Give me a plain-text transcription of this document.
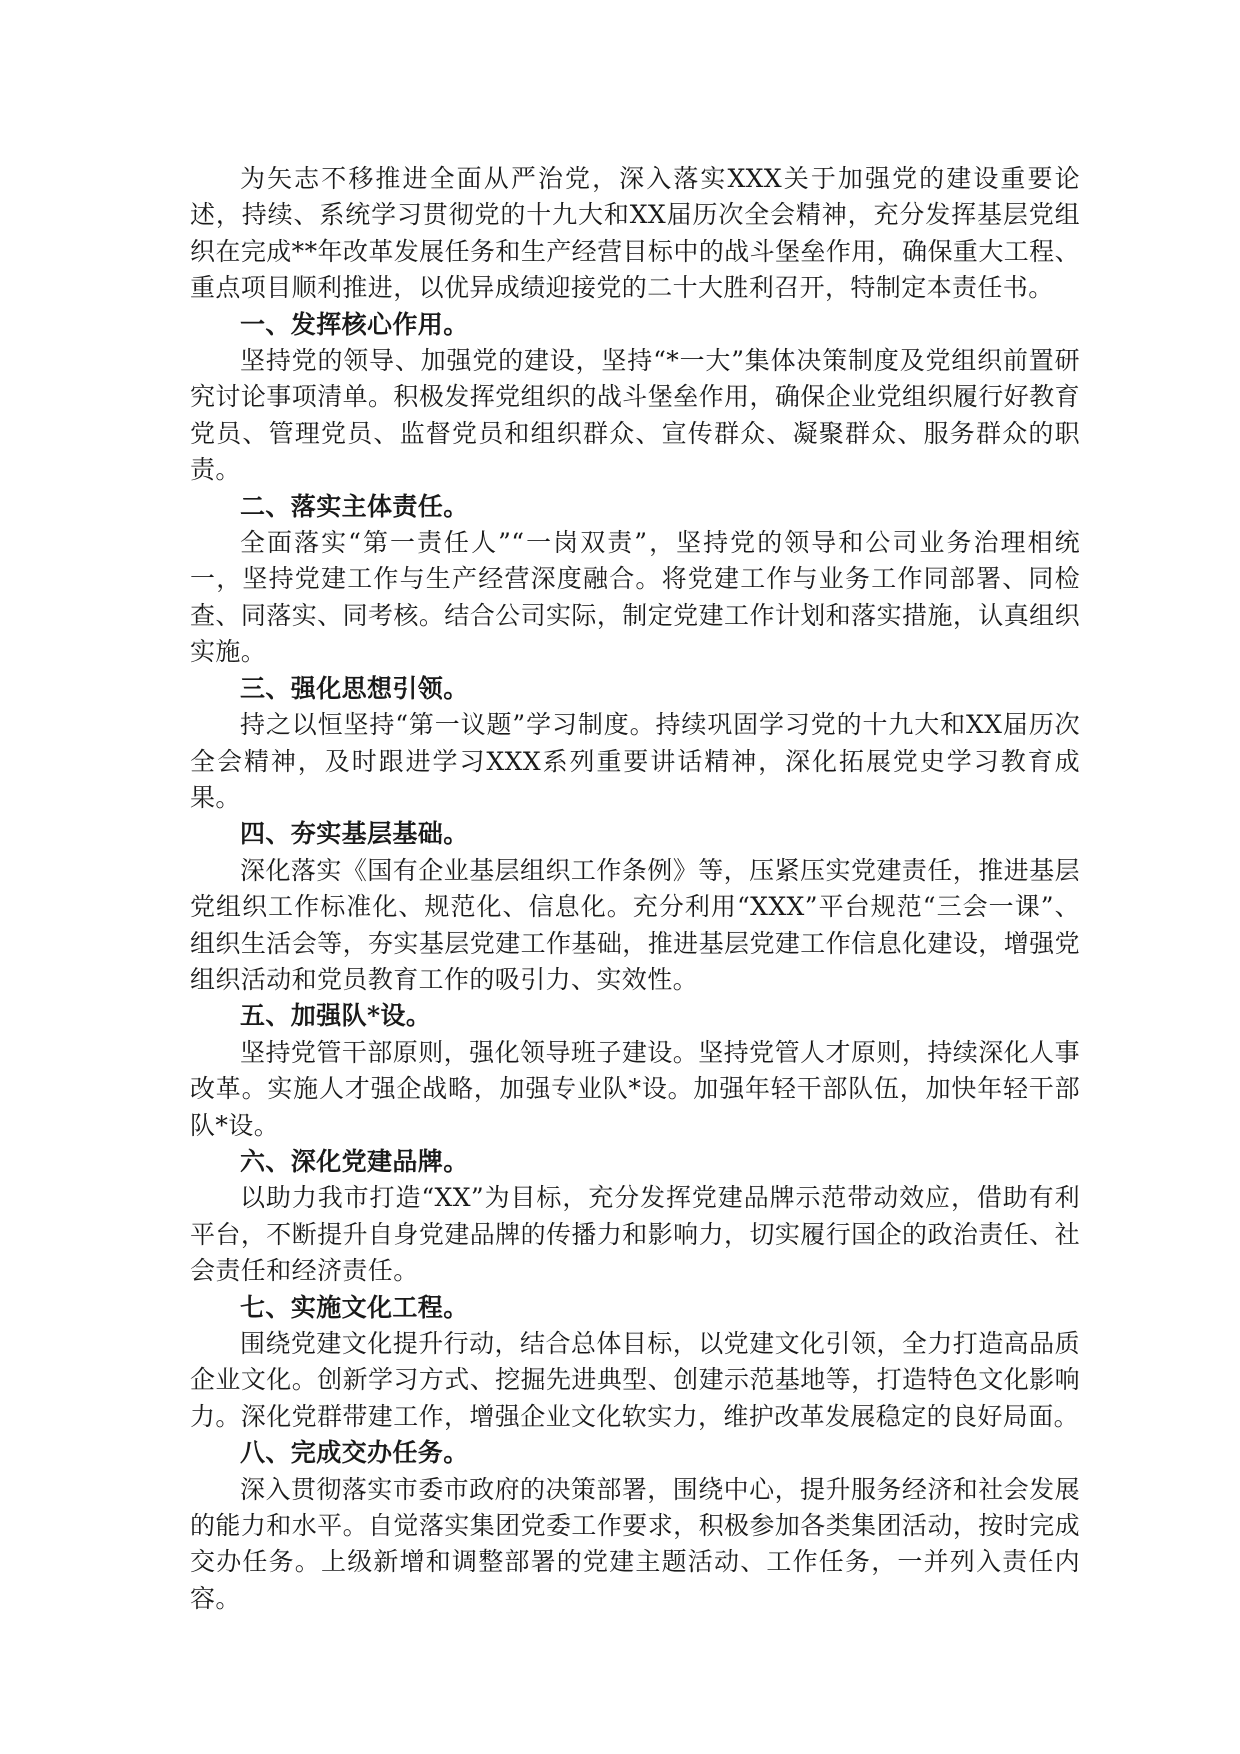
为矢志不移推进全面从严治党，深入落实XXX关于加强党的建设重要论述，持续、系统学习贯彻党的十九大和XX届历次全会精神，充分发挥基层党组织在完成**年改革发展任务和生产经营目标中的战斗堡垒作用，确保重大工程、重点项目顺利推进，以优异成绩迎接党的二十大胜利召开，特制定本责任书。

一、发挥核心作用。

坚持党的领导、加强党的建设，坚持“*一大”集体决策制度及党组织前置研究讨论事项清单。积极发挥党组织的战斗堡垒作用，确保企业党组织履行好教育党员、管理党员、监督党员和组织群众、宣传群众、凝聚群众、服务群众的职责。

二、落实主体责任。

全面落实“第一责任人”“一岗双责”，坚持党的领导和公司业务治理相统一，坚持党建工作与生产经营深度融合。将党建工作与业务工作同部署、同检查、同落实、同考核。结合公司实际，制定党建工作计划和落实措施，认真组织实施。

三、强化思想引领。

持之以恒坚持“第一议题”学习制度。持续巩固学习党的十九大和XX届历次全会精神，及时跟进学习XXX系列重要讲话精神，深化拓展党史学习教育成果。

四、夯实基层基础。

深化落实《国有企业基层组织工作条例》等，压紧压实党建责任，推进基层党组织工作标准化、规范化、信息化。充分利用“XXX”平台规范“三会一课”、组织生活会等，夯实基层党建工作基础，推进基层党建工作信息化建设，增强党组织活动和党员教育工作的吸引力、实效性。

五、加强队*设。

坚持党管干部原则，强化领导班子建设。坚持党管人才原则，持续深化人事改革。实施人才强企战略，加强专业队*设。加强年轻干部队伍，加快年轻干部队*设。

六、深化党建品牌。

以助力我市打造“XX”为目标，充分发挥党建品牌示范带动效应，借助有利平台，不断提升自身党建品牌的传播力和影响力，切实履行国企的政治责任、社会责任和经济责任。

七、实施文化工程。

围绕党建文化提升行动，结合总体目标，以党建文化引领，全力打造高品质企业文化。创新学习方式、挖掘先进典型、创建示范基地等，打造特色文化影响力。深化党群带建工作，增强企业文化软实力，维护改革发展稳定的良好局面。

八、完成交办任务。

深入贯彻落实市委市政府的决策部署，围绕中心，提升服务经济和社会发展的能力和水平。自觉落实集团党委工作要求，积极参加各类集团活动，按时完成交办任务。上级新增和调整部署的党建主题活动、工作任务，一并列入责任内容。
